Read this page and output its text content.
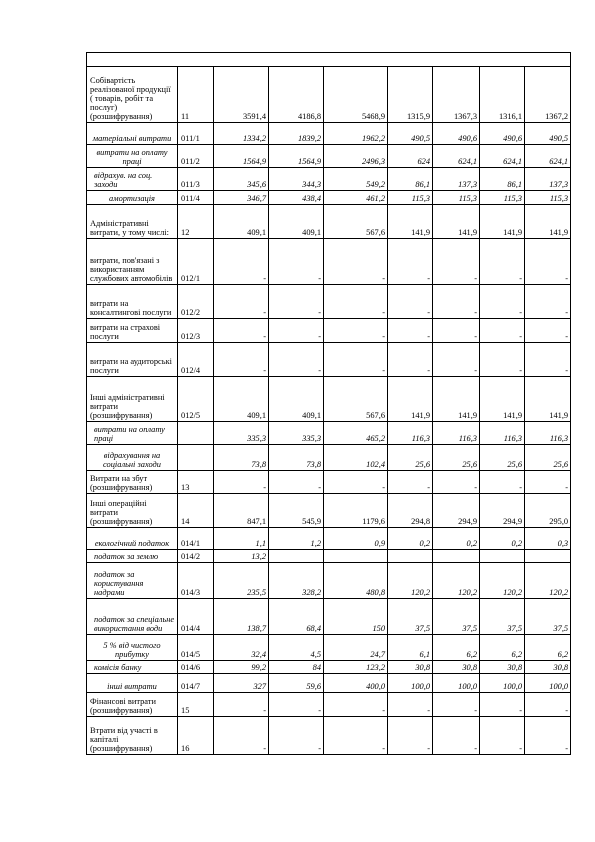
Собівартість реалізованої продукції ( товарів, робіт та послуг) (розшифрування)	11	3591,4	4186,8	5468,9	1315,9	1367,3	1316,1	1367,2
матеріальні витрати	011/1	1334,2	1839,2	1962,2	490,5	490,6	490,6	490,5
витрати на оплату праці	011/2	1564,9	1564,9	2496,3	624	624,1	624,1	624,1
відрахув. на соц. заходи	011/3	345,6	344,3	549,2	86,1	137,3	86,1	137,3
амортизація	011/4	346,7	438,4	461,2	115,3	115,3	115,3	115,3
Адміністративні витрати, у тому числі:	12	409,1	409,1	567,6	141,9	141,9	141,9	141,9
витрати, пов'язані з використанням службових автомобілів	012/1	-	-	-	-	-	-	-
витрати на консалтингові послуги	012/2	-	-	-	-	-	-	-
витрати на страхові послуги	012/3	-	-	-	-	-	-	-
витрати на аудиторські послуги	012/4	-	-	-	-	-	-	-
Інші адміністративні витрати (розшифрування)	012/5	409,1	409,1	567,6	141,9	141,9	141,9	141,9
витрати на оплату праці		335,3	335,3	465,2	116,3	116,3	116,3	116,3
відрахування на соціальні заходи		73,8	73,8	102,4	25,6	25,6	25,6	25,6
Витрати на збут (розшифрування)	13	-	-	-	-	-	-	-
Інші операційні витрати (розшифрування)	14	847,1	545,9	1179,6	294,8	294,9	294,9	295,0
екологічний податок	014/1	1,1	1,2	0,9	0,2	0,2	0,2	0,3
податок за землю	014/2	13,2						
податок за користування надрами	014/3	235,5	328,2	480,8	120,2	120,2	120,2	120,2
податок за спеціальне використання води	014/4	138,7	68,4	150	37,5	37,5	37,5	37,5
5 % від чистого прибутку	014/5	32,4	4,5	24,7	6,1	6,2	6,2	6,2
комісія банку	014/6	99,2	84	123,2	30,8	30,8	30,8	30,8
інші витрати	014/7	327	59,6	400,0	100,0	100,0	100,0	100,0
Фінансові витрати (розшифрування)	15	-	-	-	-	-	-	-
Втрати від участі в капіталі (розшифрування)	16	-	-	-	-	-	-	-
